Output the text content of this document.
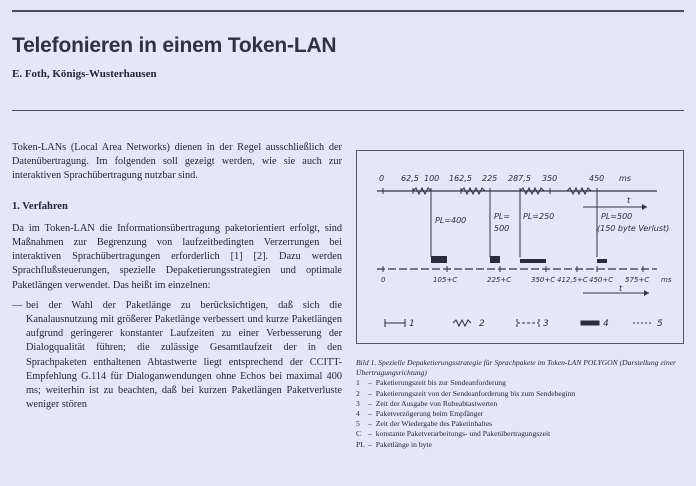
Telefonieren in einem Token-LAN
E. Foth, Königs-Wusterhausen

Token-LANs (Local Area Networks) dienen in der Regel ausschließlich der Datenübertragung. Im folgenden soll gezeigt werden, wie sie auch zur interaktiven Sprachübertragung nutzbar sind.

1. Verfahren

Da im Token-LAN die Informationsübertragung paketorientiert erfolgt, sind Maßnahmen zur Begrenzung von laufzeitbedingten Verzerrungen bei interaktiven Sprachübertragungen erforderlich [1] [2]. Dazu werden Sprachflußsteuerungen, spezielle Depaketierungsstrategien und optimale Paketlängen verwendet. Das heißt im einzelnen:

— bei der Wahl der Paketlänge zu berücksichtigen, daß sich die Kanalausnutzung mit größerer Paketlänge verbessert und kurze Paketlängen aufgrund geringerer konstanter Laufzeiten zu einer Verbesserung der Dialogqualität führen; die zulässige Gesamtlaufzeit der in den Sprachpaketen enthaltenen Abtastwerte liegt entsprechend der CCITT-Empfehlung G.114 für Dialoganwendungen ohne Echos bei maximal 400 ms; weiterhin ist zu beachten, daß bei kurzen Paketlängen Paketverluste weniger stören
0 62,5 100 162,5 225 287,5 350	450 ms
t
PL=400	PL=
500
PL=250	PL=500
(150 byte Verlust)
0	105+C	225+C	350+C 412,5+C 450+C 575+C ms
t
1	2	3	4	5
Bild 1. Spezielle Depaketierungsstrategie für Sprachpakete im Token-LAN POLYGON (Darstellung einer Übertragungsrichtung)
1	– Paketierungszeit bis zur Sendeanforderung
2	– Paketierungszeit von der Sendeanforderung bis zum Sendebeginn
3	– Zeit der Ausgabe von Ruheabtastwerten
4	– Paketverzögerung beim Empfänger
5	– Zeit der Wiedergabe des Paketinhaltes
C – konstante Paketverarbeitungs- und Paketübertragungszeit
PL – Paketlänge in byte
